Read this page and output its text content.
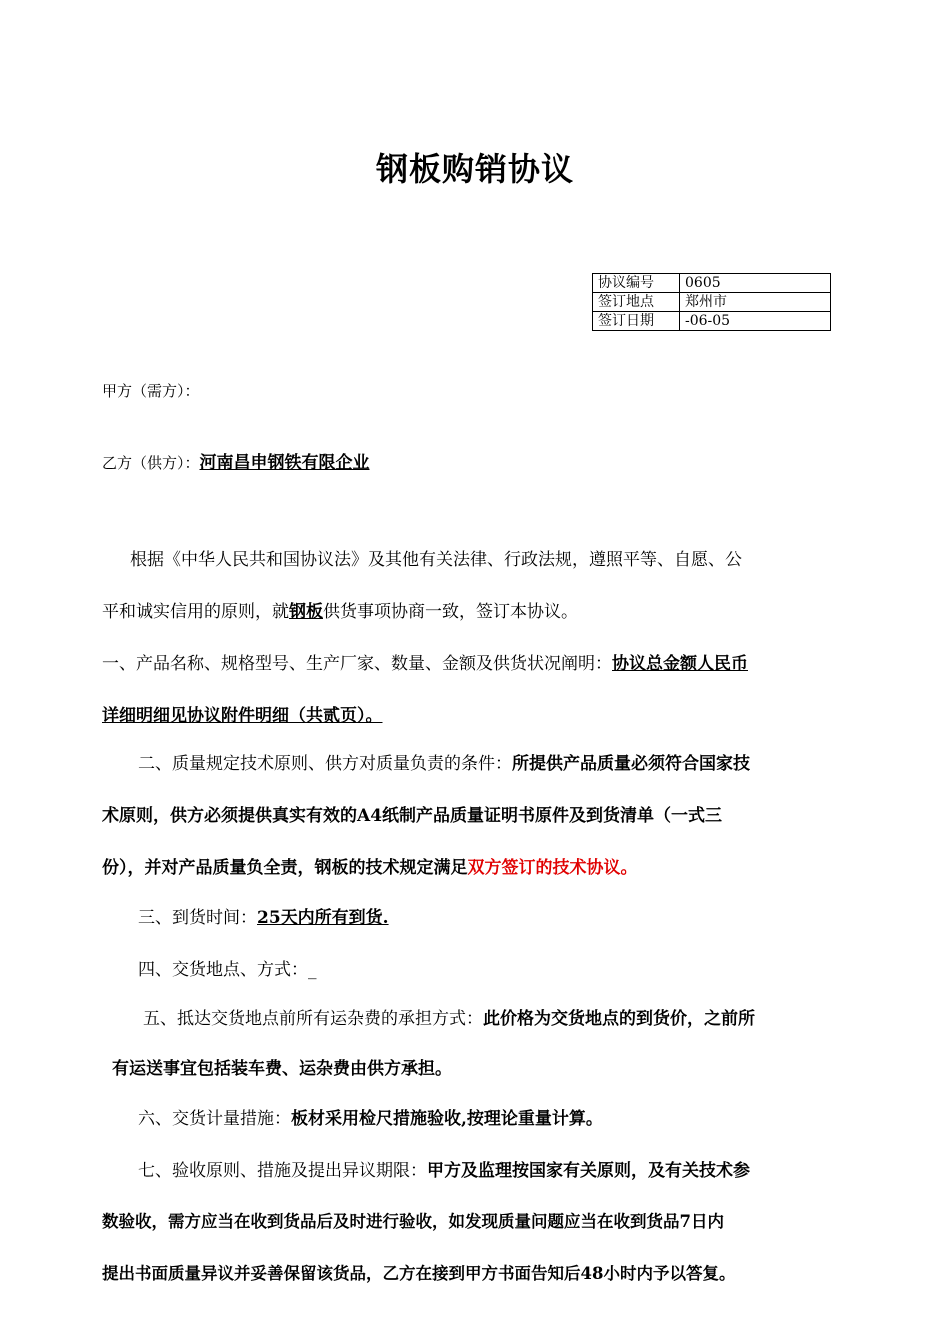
钢板购销协议
协议编号	0605
签订地点	郑州市
签订日期	-06-05
甲方（需方）：
乙方（供方）：河南昌申钢铁有限企业
根据《中华人民共和国协议法》及其他有关法律、行政法规，遵照平等、自愿、公
平和诚实信用的原则，就钢板供货事项协商一致，签订本协议。
一、产品名称、规格型号、生产厂家、数量、金额及供货状况阐明：协议总金额人民币
详细明细见协议附件明细（共贰页）。
二、质量规定技术原则、供方对质量负责的条件：所提供产品质量必须符合国家技
术原则，供方必须提供真实有效的A4纸制产品质量证明书原件及到货清单（一式三
份），并对产品质量负全责，钢板的技术规定满足双方签订的技术协议。
三、到货时间：25天内所有到货.
四、交货地点、方式：_
五、抵达交货地点前所有运杂费的承担方式：此价格为交货地点的到货价，之前所
有运送事宜包括装车费、运杂费由供方承担。
六、交货计量措施：板材采用检尺措施验收,按理论重量计算。
七、验收原则、措施及提出异议期限：甲方及监理按国家有关原则，及有关技术参
数验收，需方应当在收到货品后及时进行验收，如发现质量问题应当在收到货品7日内
提出书面质量异议并妥善保留该货品，乙方在接到甲方书面告知后48小时内予以答复。
